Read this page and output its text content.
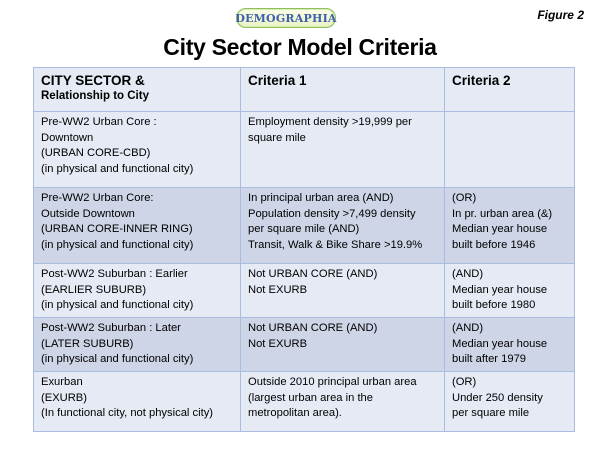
DEMOGRAPHIA	Figure 2
City Sector Model Criteria
CITY SECTOR &
Relationship to City	Criteria 1	Criteria 2

Pre-WW2 Urban Core :
Downtown
(URBAN CORE-CBD)
(in physical and functional city)	Employment density >19,999 per
square mile	

Pre-WW2 Urban Core:
Outside Downtown
(URBAN CORE-INNER RING)
(in physical and functional city)	In principal urban area (AND)
Population density >7,499 density
per square mile (AND)
Transit, Walk & Bike Share >19.9%	(OR)
In pr. urban area (&)
Median year house
built before 1946

Post-WW2 Suburban : Earlier
(EARLIER SUBURB)
(in physical and functional city)	Not URBAN CORE (AND)
Not EXURB	(AND)
Median year house
built before 1980

Post-WW2 Suburban : Later
(LATER SUBURB)
(in physical and functional city)	Not URBAN CORE (AND)
Not EXURB	(AND)
Median year house
built after 1979

Exurban
(EXURB)
(In functional city, not physical city)	Outside 2010 principal urban area
(largest urban area in the
metropolitan area).	(OR)
Under 250 density
per square mile
